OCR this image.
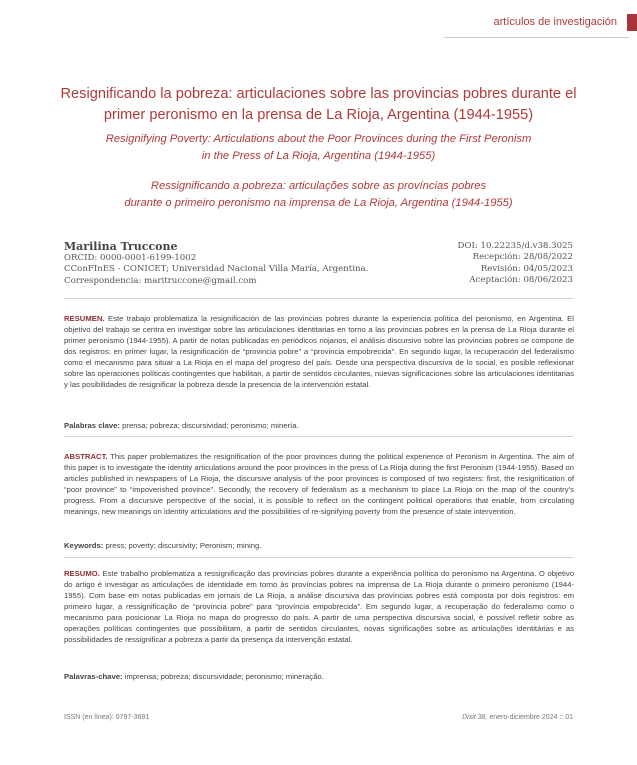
artículos de investigación
Resignificando la pobreza: articulaciones sobre las provincias pobres durante el primer peronismo en la prensa de La Rioja, Argentina (1944-1955)
Resignifying Poverty: Articulations about the Poor Provinces during the First Peronism
in the Press of La Rioja, Argentina (1944-1955)
Ressignificando a pobreza: articulações sobre as províncias pobres
durante o primeiro peronismo na imprensa de La Rioja, Argentina (1944-1955)
Marilina Truccone
ORCID: 0000-0001-6199-1002
CConFInES - CONICET; Universidad Nacional Villa María, Argentina.
Correspondencia: maritruccone@gmail.com
DOI: 10.22235/d.v38.3025
Recepción: 28/08/2022
Revisión: 04/05/2023
Aceptación: 08/06/2023

RESUMEN. Este trabajo problematiza la resignificación de las provincias pobres durante la experiencia política del peronismo, en Argentina. El objetivo del trabajo se centra en investigar sobre las articulaciones identitarias en torno a las provincias pobres en la prensa de La Rioja durante el primer peronismo (1944-1955). A partir de notas publicadas en periódicos riojanos, el análisis discursivo sobre las provincias pobres se compone de dos registros: en primer lugar, la resignificación de “provincia pobre” a “provincia empobrecida”. En segundo lugar, la recuperación del federalismo como el mecanismo para situar a La Rioja en el mapa del progreso del país. Desde una perspectiva discursiva de lo social, es posible reflexionar sobre las operaciones políticas contingentes que habilitan, a partir de sentidos circulantes, nuevas significaciones sobre las articulaciones identitarias y las posibilidades de resignificar la pobreza desde la presencia de la intervención estatal.

Palabras clave: prensa; pobreza; discursividad; peronismo; minería.

ABSTRACT. This paper problematizes the resignification of the poor provinces during the political experience of Peronism in Argentina. The aim of this paper is to investigate the identity articulations around the poor provinces in the press of La Rioja during the first Peronism (1944-1955). Based on articles published in newspapers of La Rioja, the discursive analysis of the poor provinces is composed of two registers: first, the resignification of “poor province” to “impoverished province”. Secondly, the recovery of federalism as a mechanism to place La Rioja on the map of the country’s progress. From a discursive perspective of the social, it is possible to reflect on the contingent political operations that enable, from circulating meanings, new meanings on identity articulations and the possibilities of re-signifying poverty from the presence of state intervention.

Keywords: press; poverty; discursivity; Peronism; mining.

RESUMO. Este trabalho problematiza a ressignificação das províncias pobres durante a experiência política do peronismo na Argentina. O objetivo do artigo é investigar as articulações de identidade em torno às províncias pobres na imprensa de La Rioja durante o primeiro peronismo (1944-1955). Com base em notas publicadas em jornais de La Rioja, a análise discursiva das províncias pobres está composta por dois registros: em primeiro lugar, a ressignificação de “província pobre” para “província empobrecida”. Em segundo lugar, a recuperação do federalismo como o mecanismo para posicionar La Rioja no mapa do progresso do país. A partir de uma perspectiva discursiva social, é possível refletir sobre as operações políticas contingentes que possibilitam, a partir de sentidos circulantes, novas significações sobre as articulações identitárias e as possibilidades de ressignificar a pobreza a partir da presença da intervenção estatal.

Palavras-chave: imprensa; pobreza; discursividade; peronismo; mineração.
ISSN (en línea): 0797-3691	Dixit 38, enero-diciembre 2024 :: 01
